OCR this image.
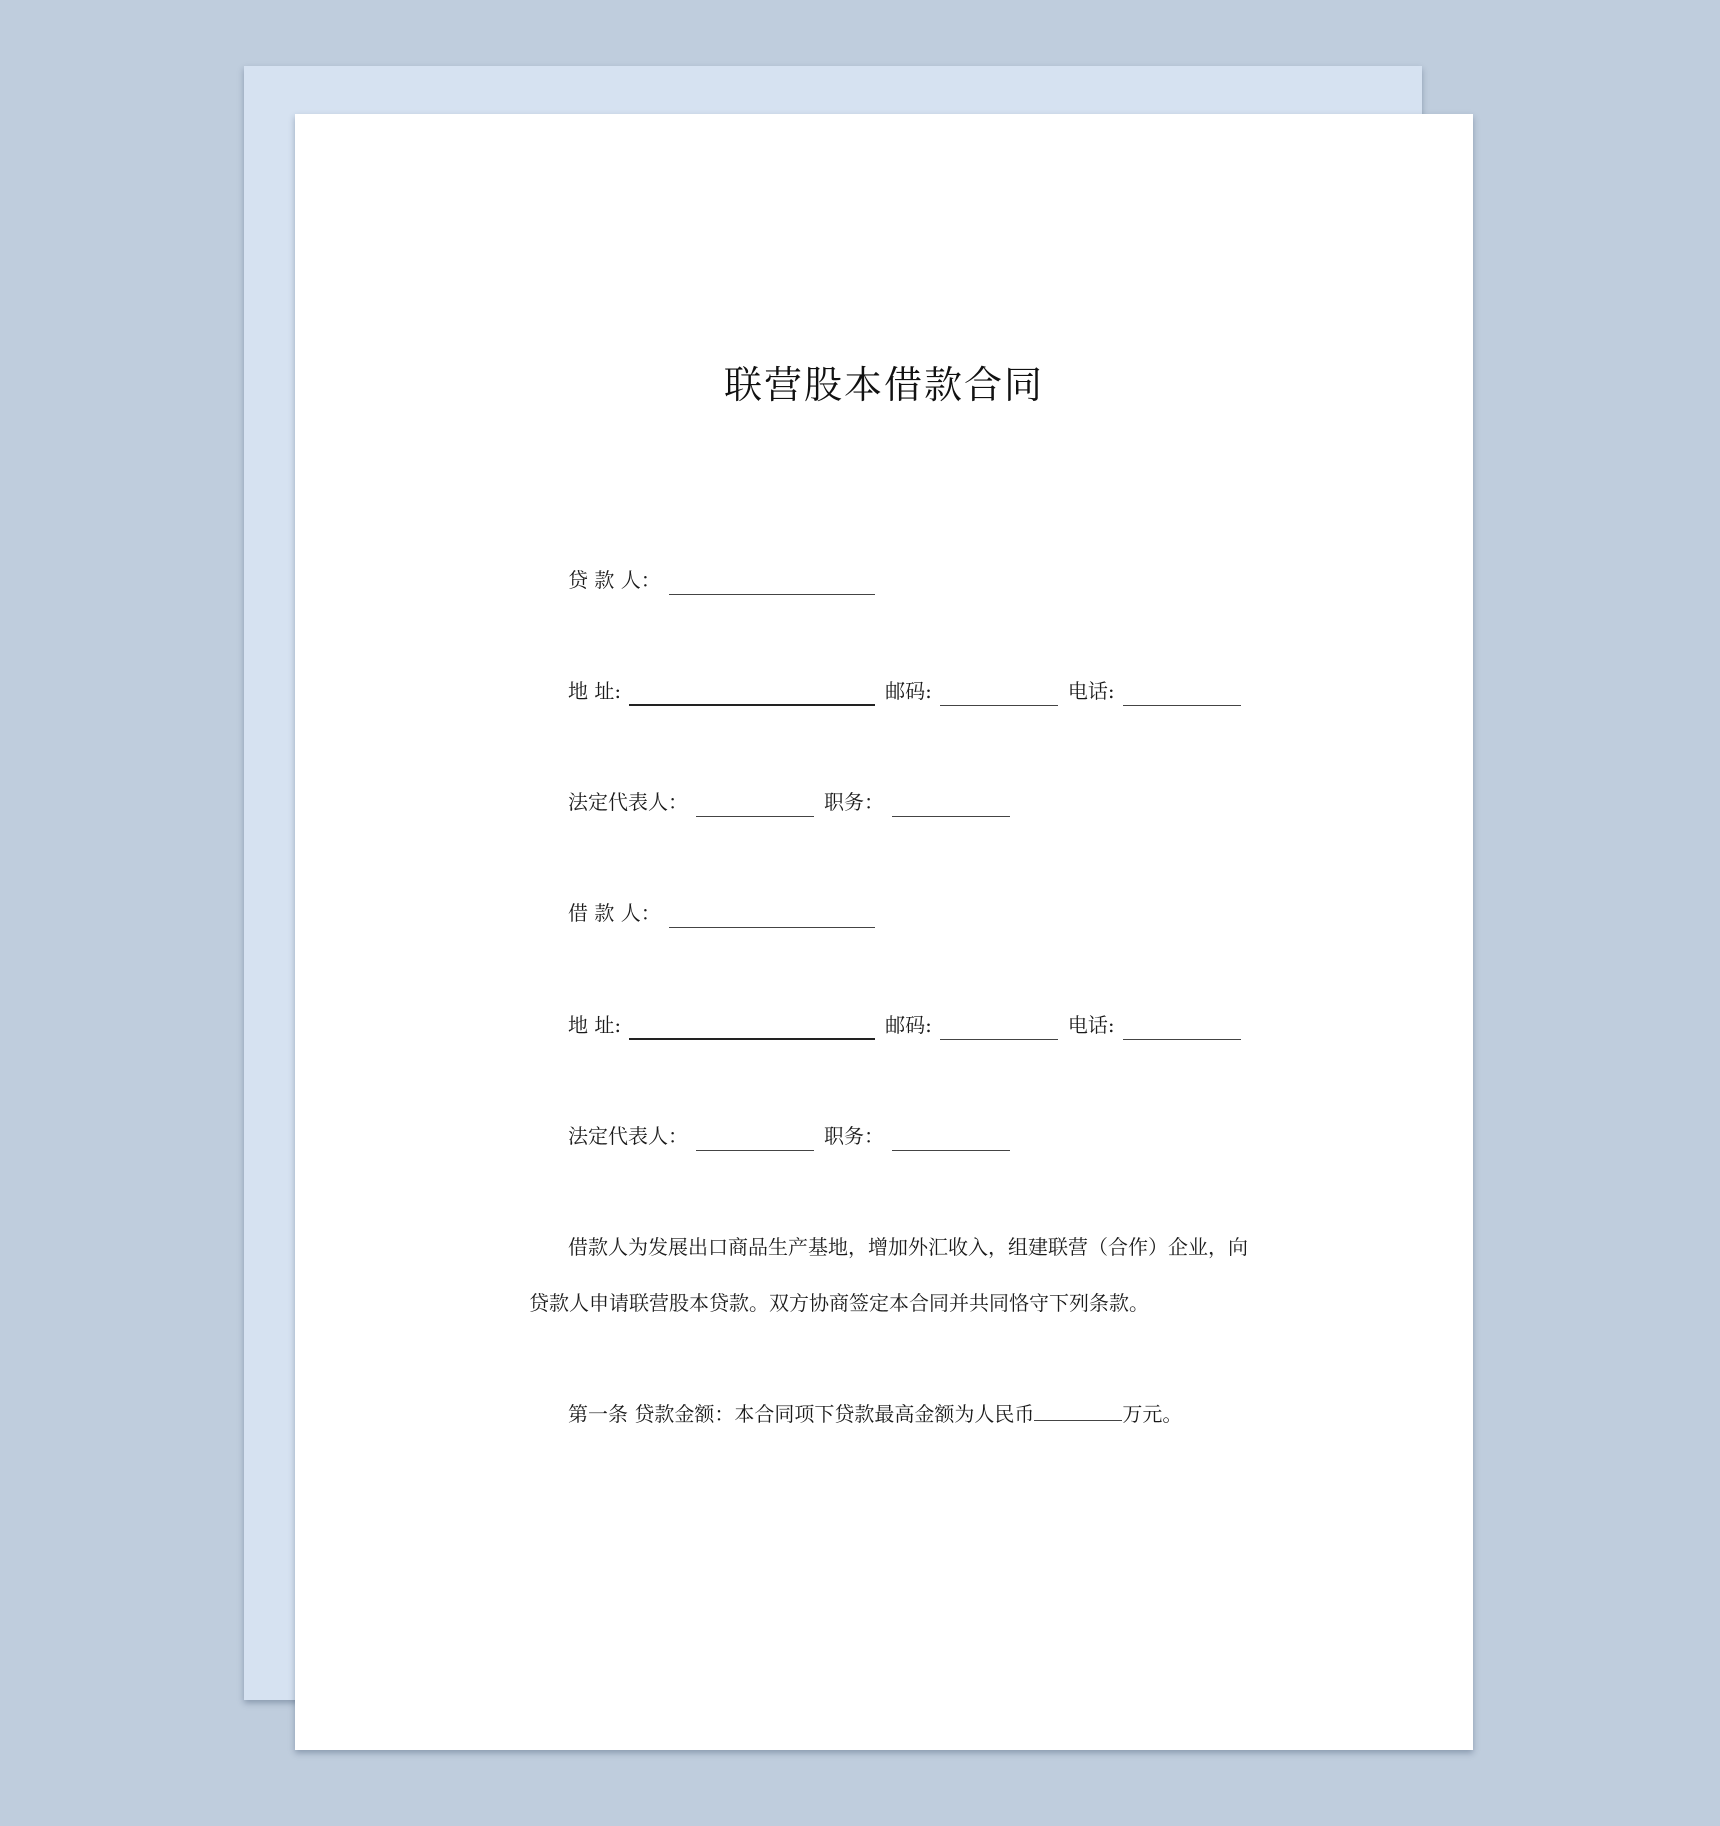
联营股本借款合同
贷 款 人：
地 址:	邮码:	电话:
法定代表人：	职务：
借 款 人：
地 址:	邮码:	电话:
法定代表人：	职务：
借款人为发展出口商品生产基地，增加外汇收入，组建联营（合作）企业，向
贷款人申请联营股本贷款。双方协商签定本合同并共同恪守下列条款。
第一条 贷款金额：本合同项下贷款最高金额为人民币	万元。
